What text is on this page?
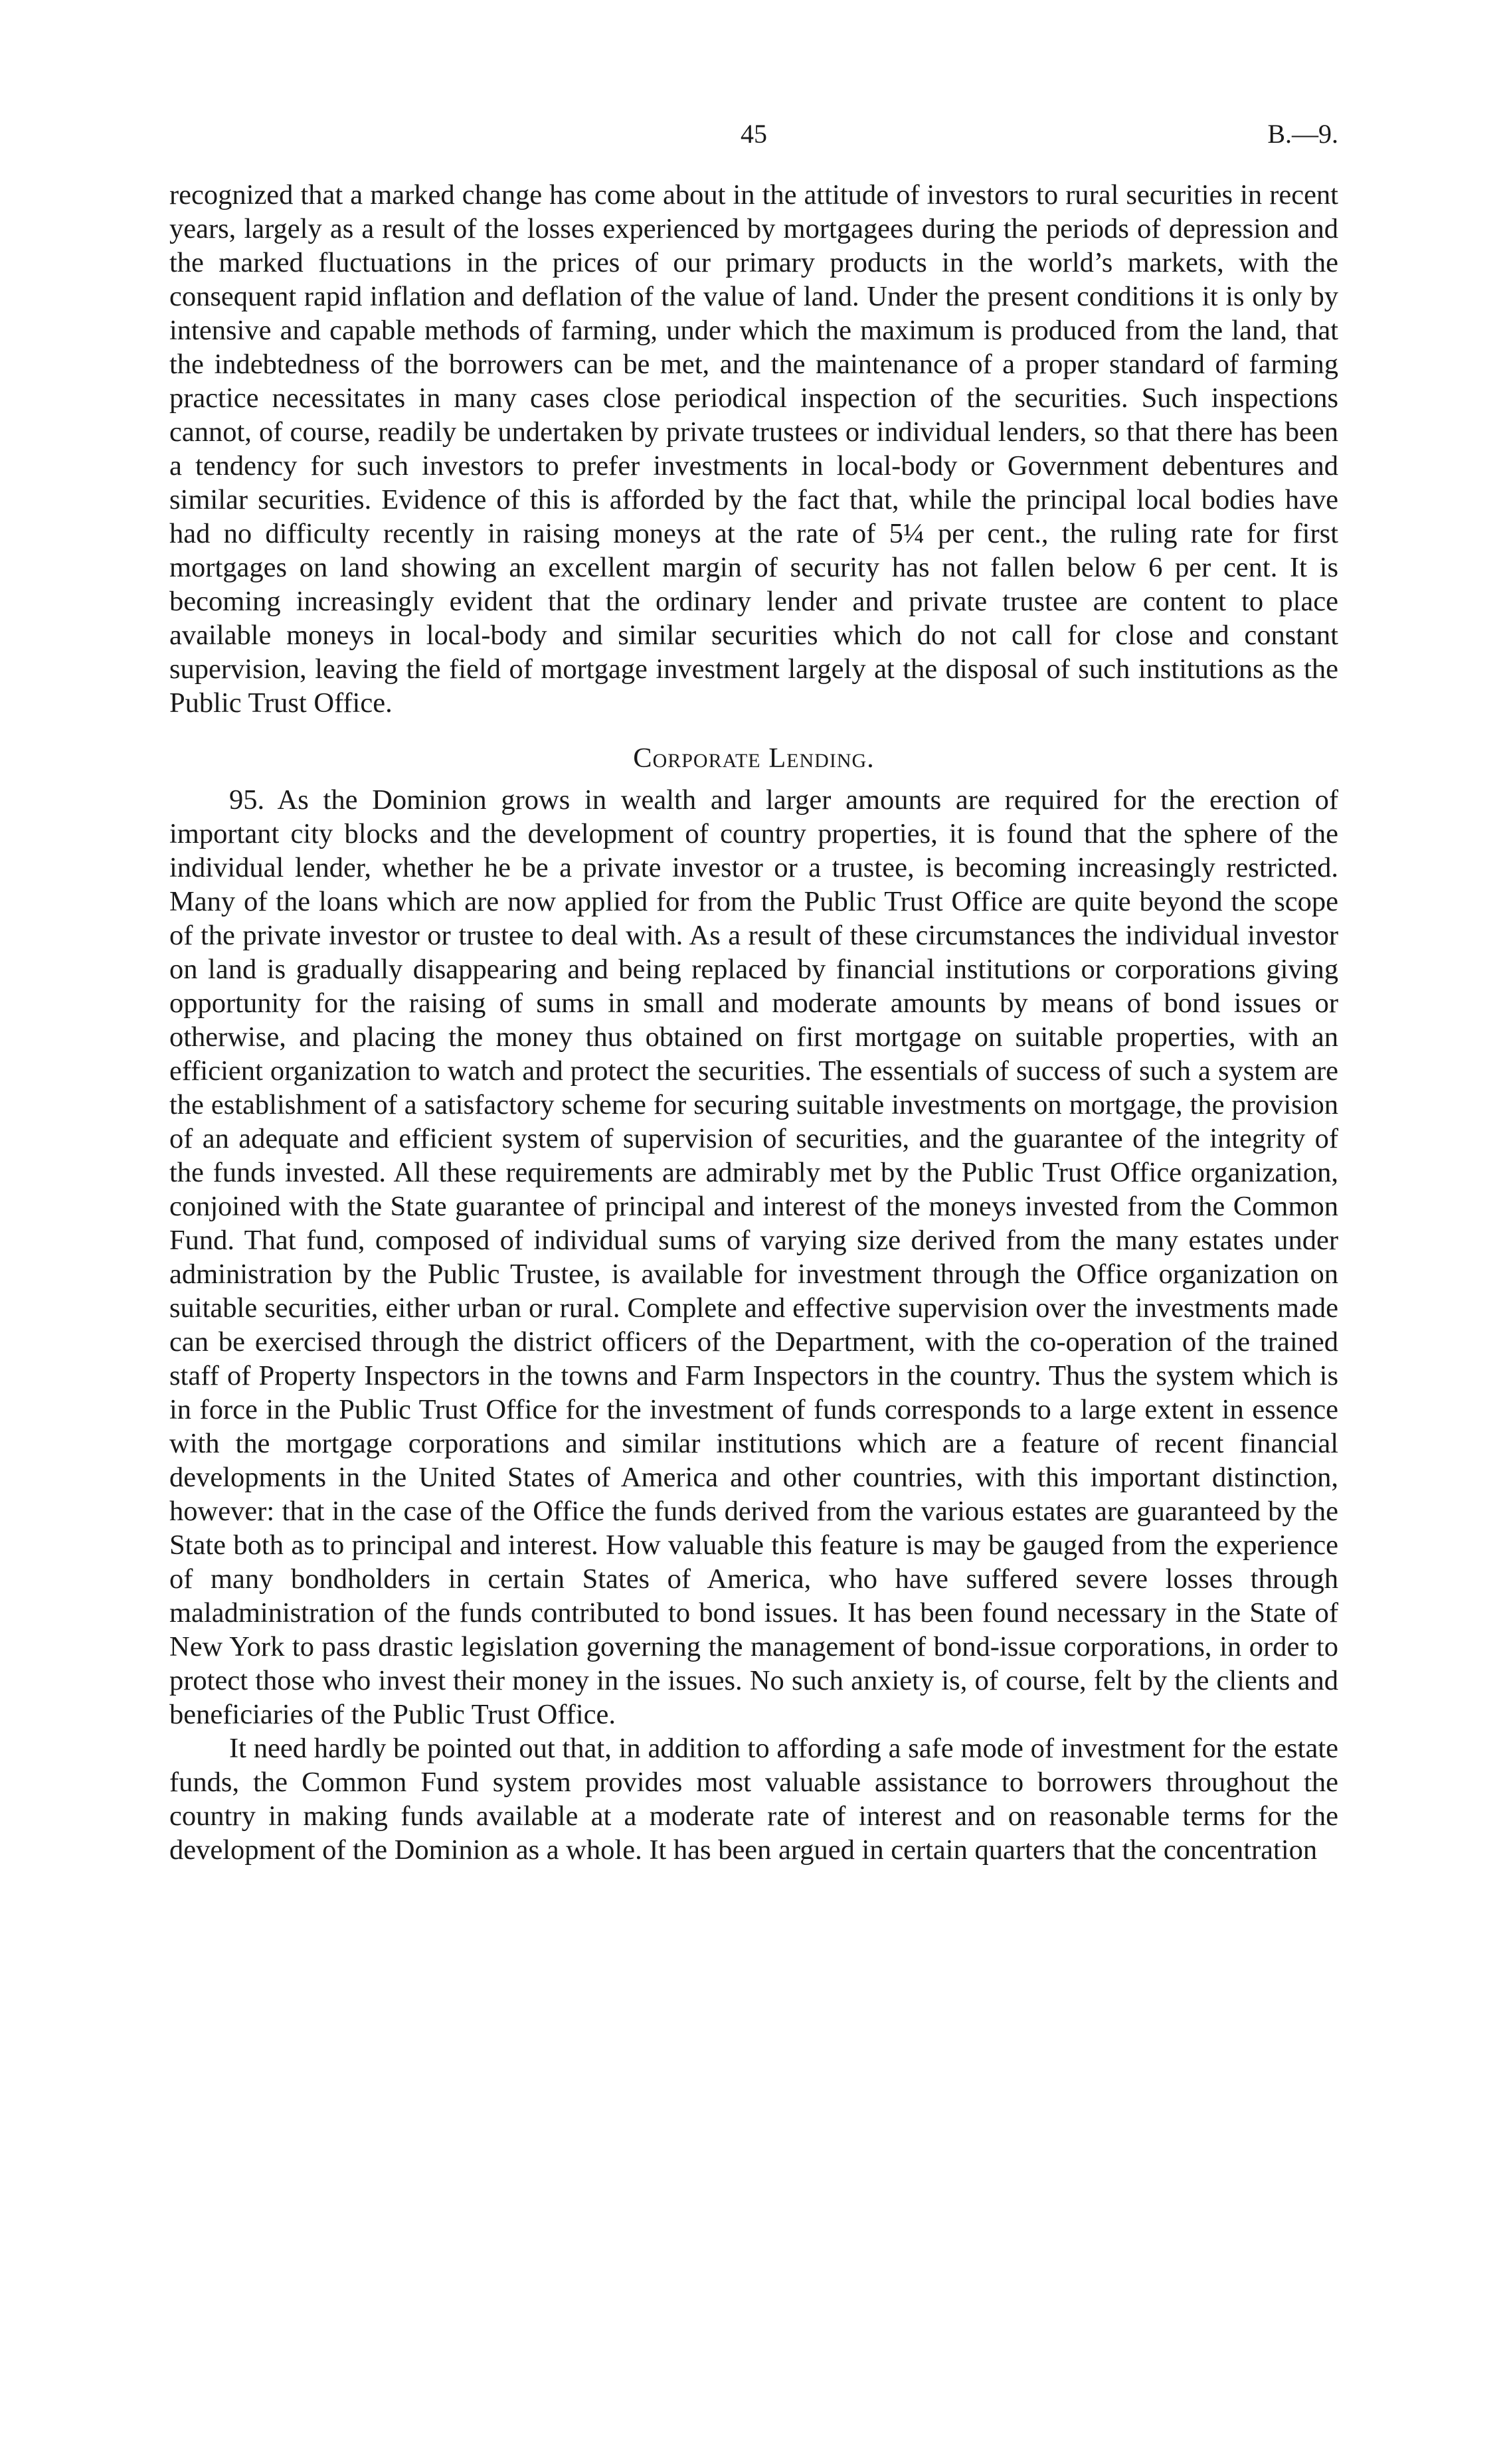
45	B.—9.

recognized that a marked change has come about in the attitude of investors to rural securities in recent years, largely as a result of the losses experienced by mortgagees during the periods of depression and the marked fluctuations in the prices of our primary products in the world’s markets, with the consequent rapid inflation and deflation of the value of land. Under the present conditions it is only by intensive and capable methods of farming, under which the maximum is produced from the land, that the indebtedness of the borrowers can be met, and the maintenance of a proper standard of farming practice necessitates in many cases close periodical inspection of the securities. Such inspections cannot, of course, readily be undertaken by private trustees or individual lenders, so that there has been a tendency for such investors to prefer investments in local-body or Government debentures and similar securities. Evidence of this is afforded by the fact that, while the principal local bodies have had no difficulty recently in raising moneys at the rate of 5¼ per cent., the ruling rate for first mortgages on land showing an excellent margin of security has not fallen below 6 per cent. It is becoming increasingly evident that the ordinary lender and private trustee are content to place available moneys in local-body and similar securities which do not call for close and constant supervision, leaving the field of mortgage investment largely at the disposal of such institutions as the Public Trust Office.

Corporate Lending.

95. As the Dominion grows in wealth and larger amounts are required for the erection of important city blocks and the development of country properties, it is found that the sphere of the individual lender, whether he be a private investor or a trustee, is becoming increasingly restricted. Many of the loans which are now applied for from the Public Trust Office are quite beyond the scope of the private investor or trustee to deal with. As a result of these circumstances the individual investor on land is gradually disappearing and being replaced by financial institutions or corporations giving opportunity for the raising of sums in small and moderate amounts by means of bond issues or otherwise, and placing the money thus obtained on first mortgage on suitable properties, with an efficient organization to watch and protect the securities. The essentials of success of such a system are the establishment of a satisfactory scheme for securing suitable investments on mortgage, the provision of an adequate and efficient system of supervision of securities, and the guarantee of the integrity of the funds invested. All these requirements are admirably met by the Public Trust Office organization, conjoined with the State guarantee of principal and interest of the moneys invested from the Common Fund. That fund, composed of individual sums of varying size derived from the many estates under administration by the Public Trustee, is available for investment through the Office organization on suitable securities, either urban or rural. Complete and effective supervision over the investments made can be exercised through the district officers of the Department, with the co-operation of the trained staff of Property Inspectors in the towns and Farm Inspectors in the country. Thus the system which is in force in the Public Trust Office for the investment of funds corresponds to a large extent in essence with the mortgage corporations and similar institutions which are a feature of recent financial developments in the United States of America and other countries, with this important distinction, however: that in the case of the Office the funds derived from the various estates are guaranteed by the State both as to principal and interest. How valuable this feature is may be gauged from the experience of many bondholders in certain States of America, who have suffered severe losses through maladministration of the funds contributed to bond issues. It has been found necessary in the State of New York to pass drastic legislation governing the management of bond-issue corporations, in order to protect those who invest their money in the issues. No such anxiety is, of course, felt by the clients and beneficiaries of the Public Trust Office.

It need hardly be pointed out that, in addition to affording a safe mode of investment for the estate funds, the Common Fund system provides most valuable assistance to borrowers throughout the country in making funds available at a moderate rate of interest and on reasonable terms for the development of the Dominion as a whole. It has been argued in certain quarters that the concentration
